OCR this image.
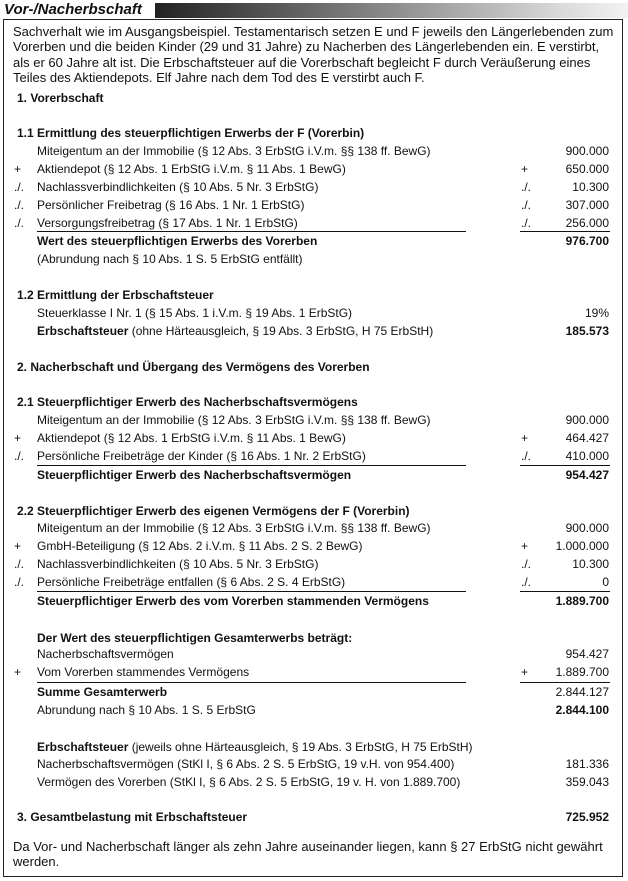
Vor-/Nacherbschaft
Sachverhalt wie im Ausgangsbeispiel. Testamentarisch setzen E und F jeweils den Längerlebenden zum Vorerben und die beiden Kinder (29 und 31 Jahre) zu Nacherben des Längerlebenden ein. E verstirbt, als er 60 Jahre alt ist. Die Erbschaftsteuer auf die Vorerbschaft begleicht F durch Veräußerung eines Teiles des Aktiendepots. Elf Jahre nach dem Tod des E verstirbt auch F.
1. Vorerbschaft
1.1 Ermittlung des steuerpflichtigen Erwerbs der F (Vorerbin)
Miteigentum an der Immobilie (§ 12 Abs. 3 ErbStG i.V.m. §§ 138 ff. BewG)	900.000
+	Aktiendepot (§ 12 Abs. 1 ErbStG i.V.m. § 11 Abs. 1 BewG)	+	650.000
./.	Nachlassverbindlichkeiten (§ 10 Abs. 5 Nr. 3 ErbStG)	./.	10.300
./.	Persönlicher Freibetrag (§ 16 Abs. 1 Nr. 1 ErbStG)	./.	307.000
./.	Versorgungsfreibetrag (§ 17 Abs. 1 Nr. 1 ErbStG)	./.	256.000
Wert des steuerpflichtigen Erwerbs des Vorerben	976.700
(Abrundung nach § 10 Abs. 1 S. 5 ErbStG entfällt)
1.2 Ermittlung der Erbschaftsteuer
Steuerklasse I Nr. 1 (§ 15 Abs. 1 i.V.m. § 19 Abs. 1 ErbStG)	19%
Erbschaftsteuer (ohne Härteausgleich, § 19 Abs. 3 ErbStG, H 75 ErbStH)	185.573
2. Nacherbschaft und Übergang des Vermögens des Vorerben
2.1 Steuerpflichtiger Erwerb des Nacherbschaftsvermögens
Miteigentum an der Immobilie (§ 12 Abs. 3 ErbStG i.V.m. §§ 138 ff. BewG)	900.000
+	Aktiendepot (§ 12 Abs. 1 ErbStG i.V.m. § 11 Abs. 1 BewG)	+	464.427
./.	Persönliche Freibeträge der Kinder (§ 16 Abs. 1 Nr. 2 ErbStG)	./.	410.000
Steuerpflichtiger Erwerb des Nacherbschaftsvermögen	954.427
2.2 Steuerpflichtiger Erwerb des eigenen Vermögens der F (Vorerbin)
Miteigentum an der Immobilie (§ 12 Abs. 3 ErbStG i.V.m. §§ 138 ff. BewG)	900.000
+	GmbH-Beteiligung (§ 12 Abs. 2 i.V.m. § 11 Abs. 2 S. 2 BewG)	+	1.000.000
./.	Nachlassverbindlichkeiten (§ 10 Abs. 5 Nr. 3 ErbStG)	./.	10.300
./.	Persönliche Freibeträge entfallen (§ 6 Abs. 2 S. 4 ErbStG)	./.	0
Steuerpflichtiger Erwerb des vom Vorerben stammenden Vermögens	1.889.700
Der Wert des steuerpflichtigen Gesamterwerbs beträgt:
Nacherbschaftsvermögen	954.427
+	Vom Vorerben stammendes Vermögens	+	1.889.700
Summe Gesamterwerb	2.844.127
Abrundung nach § 10 Abs. 1 S. 5 ErbStG	2.844.100
Erbschaftsteuer (jeweils ohne Härteausgleich, § 19 Abs. 3 ErbStG, H 75 ErbStH)
Nacherbschaftsvermögen (StKl I, § 6 Abs. 2 S. 5 ErbStG, 19 v.H. von 954.400)	181.336
Vermögen des Vorerben (StKl I, § 6 Abs. 2 S. 5 ErbStG, 19 v. H. von 1.889.700)	359.043
3. Gesamtbelastung mit Erbschaftsteuer	725.952
Da Vor- und Nacherbschaft länger als zehn Jahre auseinander liegen, kann § 27 ErbStG nicht gewährt werden.
